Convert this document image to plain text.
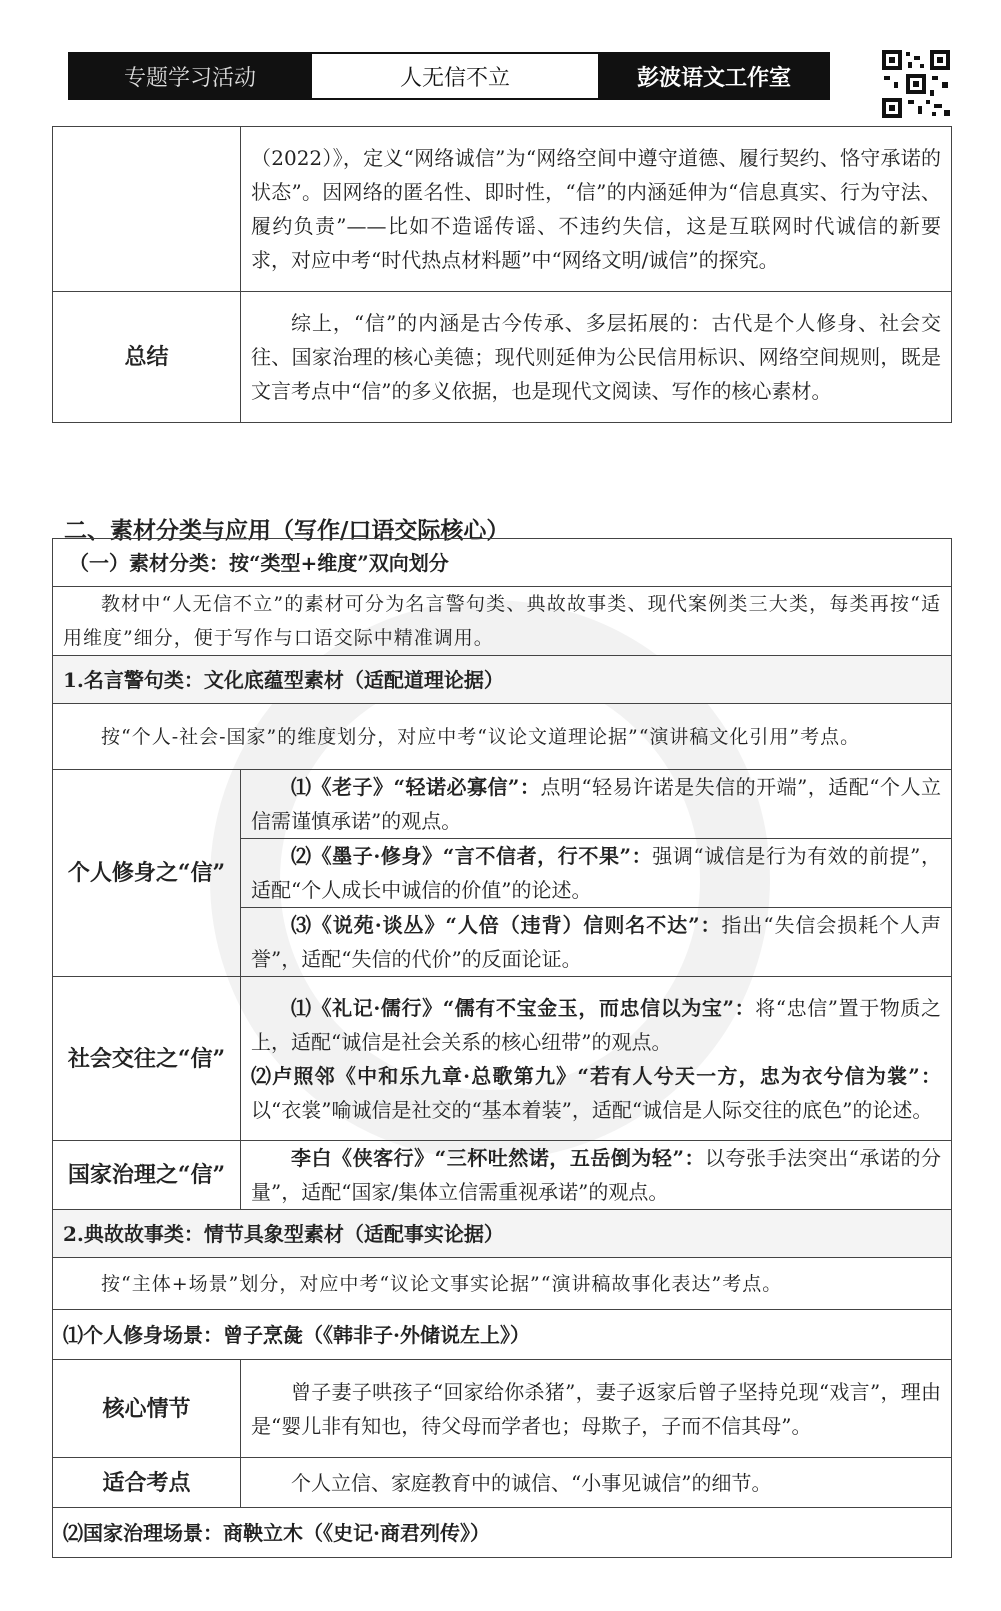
专题学习活动	人无信不立	彭波语文工作室
	（2022）》，定义“网络诚信”为“网络空间中遵守道德、履行契约、恪守承诺的状态”。因网络的匿名性、即时性，“信”的内涵延伸为“信息真实、行为守法、履约负责”——比如不造谣传谣、不违约失信，这是互联网时代诚信的新要求，对应中考“时代热点材料题”中“网络文明/诚信”的探究。
总结	综上，“信”的内涵是古今传承、多层拓展的：古代是个人修身、社会交往、国家治理的核心美德；现代则延伸为公民信用标识、网络空间规则，既是文言考点中“信”的多义依据，也是现代文阅读、写作的核心素材。
二、素材分类与应用（写作/口语交际核心）
（一）素材分类：按“类型+维度”双向划分	
教材中“人无信不立”的素材可分为名言警句类、典故故事类、现代案例类三大类，每类再按“适用维度”细分，便于写作与口语交际中精准调用。	
1.名言警句类：文化底蕴型素材（适配道理论据）	
按“个人-社会-国家”的维度划分，对应中考“议论文道理论据”“演讲稿文化引用”考点。	
个人修身之“信”	⑴《老子》“轻诺必寡信”：点明“轻易许诺是失信的开端”，适配“个人立信需谨慎承诺”的观点。
	⑵《墨子·修身》“言不信者，行不果”：强调“诚信是行为有效的前提”，适配“个人成长中诚信的价值”的论述。
	⑶《说苑·谈丛》“人倍（违背）信则名不达”：指出“失信会损耗个人声誉”，适配“失信的代价”的反面论证。
社会交往之“信”	⑴《礼记·儒行》“儒有不宝金玉，而忠信以为宝”：将“忠信”置于物质之上，适配“诚信是社会关系的核心纽带”的观点。
⑵卢照邻《中和乐九章·总歌第九》“若有人兮天一方，忠为衣兮信为裳”：以“衣裳”喻诚信是社交的“基本着装”，适配“诚信是人际交往的底色”的论述。
国家治理之“信”	李白《侠客行》“三杯吐然诺，五岳倒为轻”：以夸张手法突出“承诺的分量”，适配“国家/集体立信需重视承诺”的观点。
2.典故故事类：情节具象型素材（适配事实论据）	
按“主体+场景”划分，对应中考“议论文事实论据”“演讲稿故事化表达”考点。	
⑴个人修身场景：曾子烹彘（《韩非子·外储说左上》）	
核心情节	曾子妻子哄孩子“回家给你杀猪”，妻子返家后曾子坚持兑现“戏言”，理由是“婴儿非有知也，待父母而学者也；母欺子，子而不信其母”。
适合考点	个人立信、家庭教育中的诚信、“小事见诚信”的细节。
⑵国家治理场景：商鞅立木（《史记·商君列传》）	
